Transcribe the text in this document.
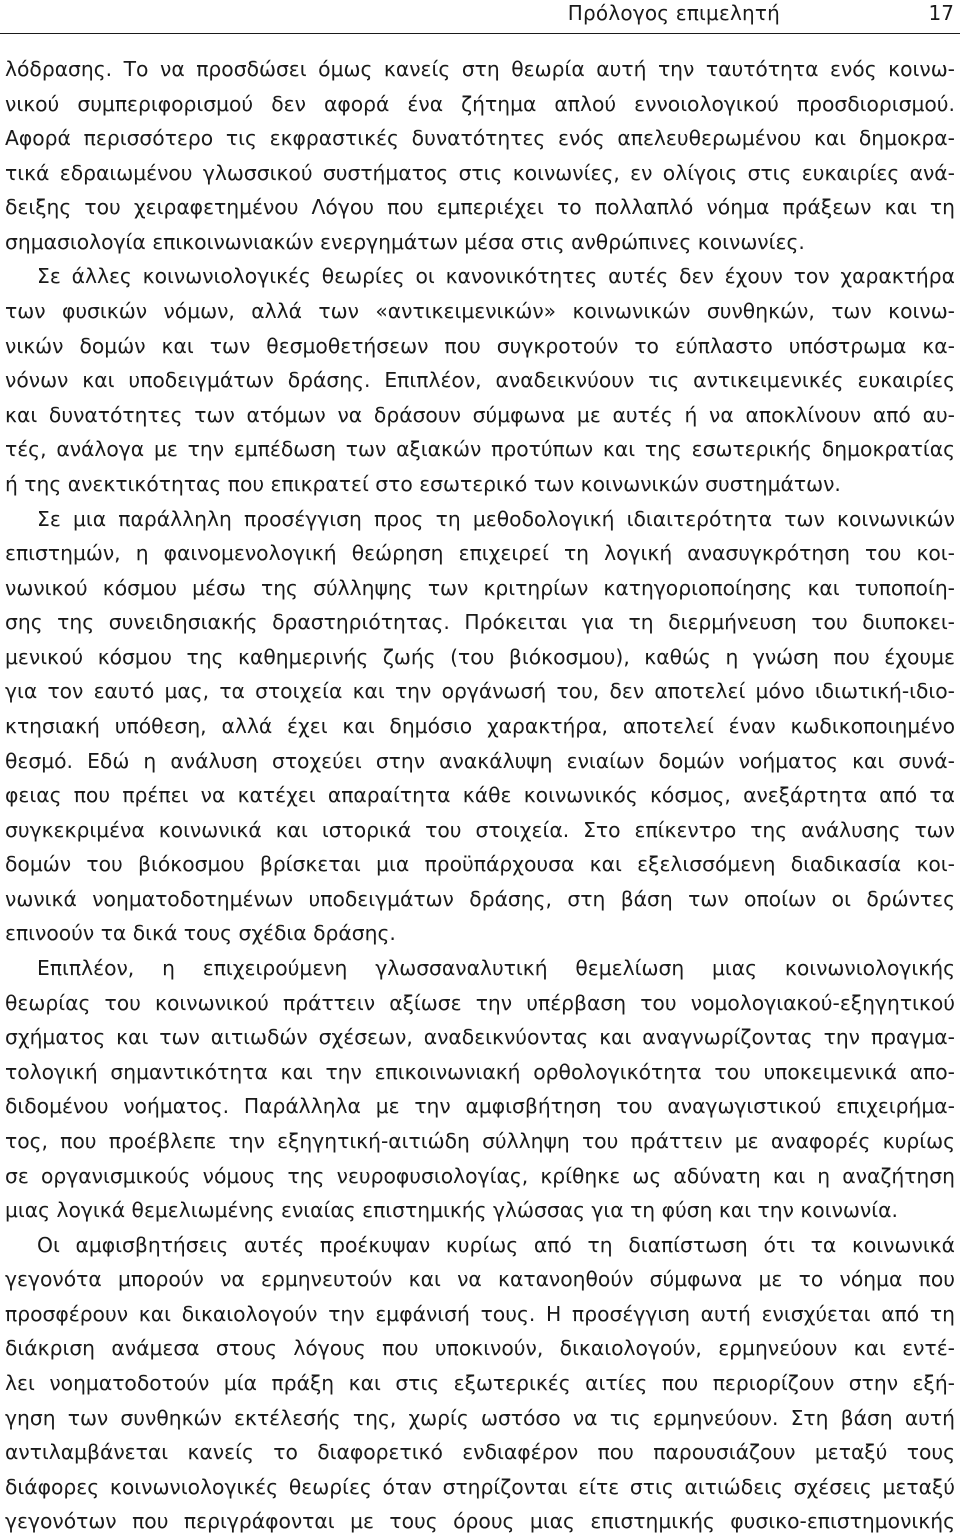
Πρόλογος επιμελητή	17
λόδρασης. Το να προσδώσει όμως κανείς στη θεωρία αυτή την ταυτότητα ενός κοινω-
νικού συμπεριφορισμού δεν αφορά ένα ζήτημα απλού εννοιολογικού προσδιορισμού.
Αφορά περισσότερο τις εκφραστικές δυνατότητες ενός απελευθερωμένου και δημοκρα-
τικά εδραιωμένου γλωσσικού συστήματος στις κοινωνίες, εν ολίγοις στις ευκαιρίες ανά-
δειξης του χειραφετημένου Λόγου που εμπεριέχει το πολλαπλό νόημα πράξεων και τη
σημασιολογία επικοινωνιακών ενεργημάτων μέσα στις ανθρώπινες κοινωνίες.
Σε άλλες κοινωνιολογικές θεωρίες οι κανονικότητες αυτές δεν έχουν τον χαρακτήρα
των φυσικών νόμων, αλλά των «αντικειμενικών» κοινωνικών συνθηκών, των κοινω-
νικών δομών και των θεσμοθετήσεων που συγκροτούν το εύπλαστο υπόστρωμα κα-
νόνων και υποδειγμάτων δράσης. Επιπλέον, αναδεικνύουν τις αντικειμενικές ευκαιρίες
και δυνατότητες των ατόμων να δράσουν σύμφωνα με αυτές ή να αποκλίνουν από αυ-
τές, ανάλογα με την εμπέδωση των αξιακών προτύπων και της εσωτερικής δημοκρατίας
ή της ανεκτικότητας που επικρατεί στο εσωτερικό των κοινωνικών συστημάτων.
Σε μια παράλληλη προσέγγιση προς τη μεθοδολογική ιδιαιτερότητα των κοινωνικών
επιστημών, η φαινομενολογική θεώρηση επιχειρεί τη λογική ανασυγκρότηση του κοι-
νωνικού κόσμου μέσω της σύλληψης των κριτηρίων κατηγοριοποίησης και τυποποίη-
σης της συνειδησιακής δραστηριότητας. Πρόκειται για τη διερμήνευση του διυποκει-
μενικού κόσμου της καθημερινής ζωής (του βιόκοσμου), καθώς η γνώση που έχουμε
για τον εαυτό μας, τα στοιχεία και την οργάνωσή του, δεν αποτελεί μόνο ιδιωτική-ιδιο-
κτησιακή υπόθεση, αλλά έχει και δημόσιο χαρακτήρα, αποτελεί έναν κωδικοποιημένο
θεσμό. Εδώ η ανάλυση στοχεύει στην ανακάλυψη ενιαίων δομών νοήματος και συνά-
φειας που πρέπει να κατέχει απαραίτητα κάθε κοινωνικός κόσμος, ανεξάρτητα από τα
συγκεκριμένα κοινωνικά και ιστορικά του στοιχεία. Στο επίκεντρο της ανάλυσης των
δομών του βιόκοσμου βρίσκεται μια προϋπάρχουσα και εξελισσόμενη διαδικασία κοι-
νωνικά νοηματοδοτημένων υποδειγμάτων δράσης, στη βάση των οποίων οι δρώντες
επινοούν τα δικά τους σχέδια δράσης.
Επιπλέον, η επιχειρούμενη γλωσσαναλυτική θεμελίωση μιας κοινωνιολογικής
θεωρίας του κοινωνικού πράττειν αξίωσε την υπέρβαση του νομολογιακού-εξηγητικού
σχήματος και των αιτιωδών σχέσεων, αναδεικνύοντας και αναγνωρίζοντας την πραγμα-
τολογική σημαντικότητα και την επικοινωνιακή ορθολογικότητα του υποκειμενικά απο-
διδομένου νοήματος. Παράλληλα με την αμφισβήτηση του αναγωγιστικού επιχειρήμα-
τος, που προέβλεπε την εξηγητική-αιτιώδη σύλληψη του πράττειν με αναφορές κυρίως
σε οργανισμικούς νόμους της νευροφυσιολογίας, κρίθηκε ως αδύνατη και η αναζήτηση
μιας λογικά θεμελιωμένης ενιαίας επιστημικής γλώσσας για τη φύση και την κοινωνία.
Οι αμφισβητήσεις αυτές προέκυψαν κυρίως από τη διαπίστωση ότι τα κοινωνικά
γεγονότα μπορούν να ερμηνευτούν και να κατανοηθούν σύμφωνα με το νόημα που
προσφέρουν και δικαιολογούν την εμφάνισή τους. Η προσέγγιση αυτή ενισχύεται από τη
διάκριση ανάμεσα στους λόγους που υποκινούν, δικαιολογούν, ερμηνεύουν και εντέ-
λει νοηματοδοτούν μία πράξη και στις εξωτερικές αιτίες που περιορίζουν στην εξή-
γηση των συνθηκών εκτέλεσής της, χωρίς ωστόσο να τις ερμηνεύουν. Στη βάση αυτή
αντιλαμβάνεται κανείς το διαφορετικό ενδιαφέρον που παρουσιάζουν μεταξύ τους
διάφορες κοινωνιολογικές θεωρίες όταν στηρίζονται είτε στις αιτιώδεις σχέσεις μεταξύ
γεγονότων που περιγράφονται με τους όρους μιας επιστημικής φυσικο-επιστημονικής
